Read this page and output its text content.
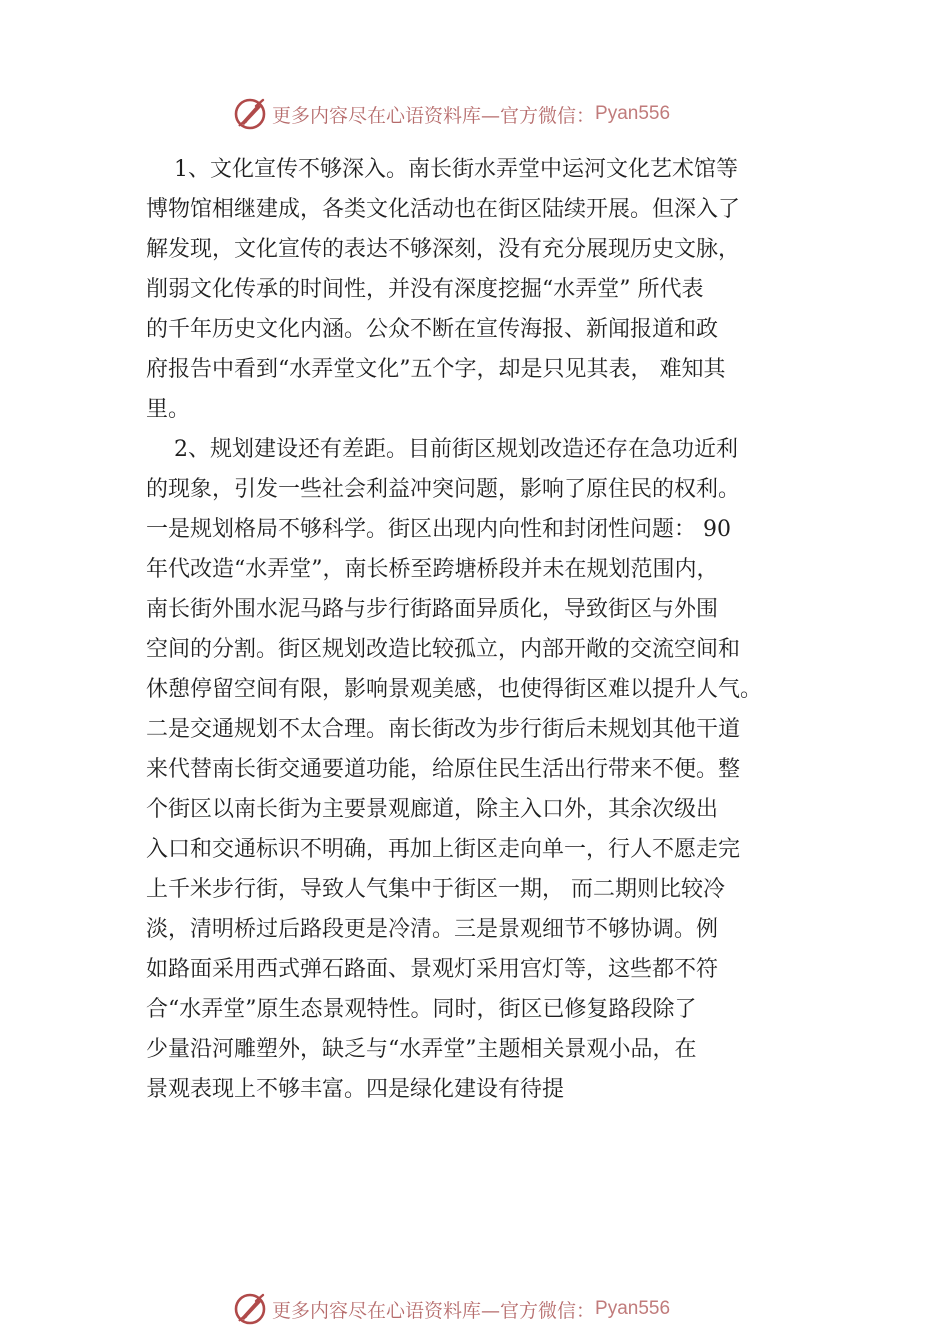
更多内容尽在心语资料库—官方微信： Pyan556
1、文化宣传不够深入。南长街水弄堂中运河文化艺术馆等
博物馆相继建成，各类文化活动也在街区陆续开展。但深入了
解发现，文化宣传的表达不够深刻，没有充分展现历史文脉，
削弱文化传承的时间性，并没有深度挖掘“水弄堂” 所代表
的千年历史文化内涵。公众不断在宣传海报、新闻报道和政
府报告中看到“水弄堂文化”五个字，却是只见其表， 难知其
里。
2、规划建设还有差距。目前街区规划改造还存在急功近利
的现象，引发一些社会利益冲突问题，影响了原住民的权利。
一是规划格局不够科学。街区出现内向性和封闭性问题： 90
年代改造“水弄堂”，南长桥至跨塘桥段并未在规划范围内，
南长街外围水泥马路与步行街路面异质化，导致街区与外围
空间的分割。街区规划改造比较孤立，内部开敞的交流空间和
休憩停留空间有限，影响景观美感，也使得街区难以提升人气。
二是交通规划不太合理。南长街改为步行街后未规划其他干道
来代替南长街交通要道功能，给原住民生活出行带来不便。整
个街区以南长街为主要景观廊道，除主入口外，其余次级出
入口和交通标识不明确，再加上街区走向单一，行人不愿走完
上千米步行街，导致人气集中于街区一期， 而二期则比较冷
淡，清明桥过后路段更是冷清。三是景观细节不够协调。例
如路面采用西式弹石路面、景观灯采用宫灯等，这些都不符
合“水弄堂”原生态景观特性。同时，街区已修复路段除了
少量沿河雕塑外，缺乏与“水弄堂”主题相关景观小品，在
景观表现上不够丰富。四是绿化建设有待提
更多内容尽在心语资料库—官方微信： Pyan556
